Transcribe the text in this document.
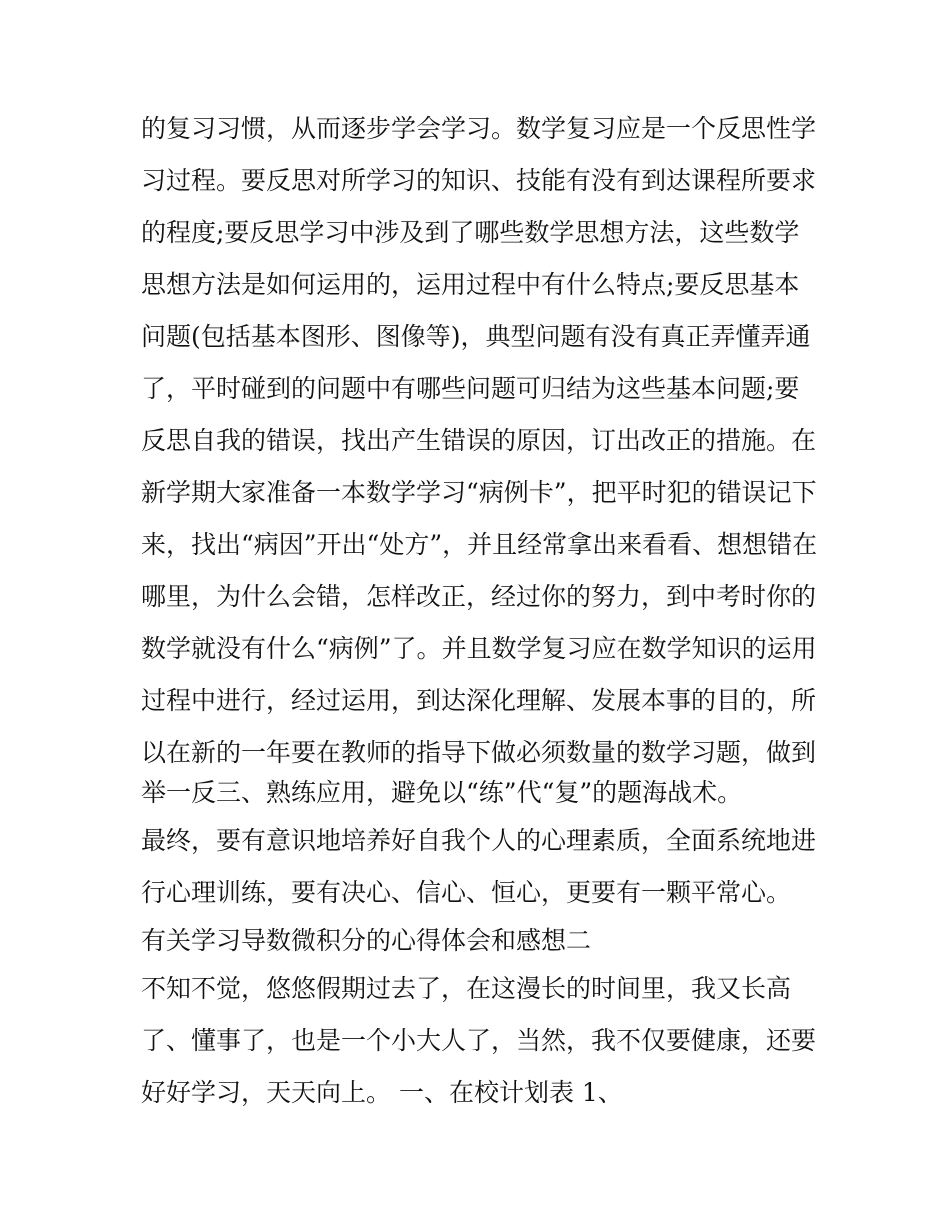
的复习习惯，从而逐步学会学习。数学复习应是一个反思性学
习过程。要反思对所学习的知识、技能有没有到达课程所要求
的程度;要反思学习中涉及到了哪些数学思想方法，这些数学
思想方法是如何运用的，运用过程中有什么特点;要反思基本
问题(包括基本图形、图像等)，典型问题有没有真正弄懂弄通
了，平时碰到的问题中有哪些问题可归结为这些基本问题;要
反思自我的错误，找出产生错误的原因，订出改正的措施。在
新学期大家准备一本数学学习“病例卡”，把平时犯的错误记下
来，找出“病因”开出“处方”，并且经常拿出来看看、想想错在
哪里，为什么会错，怎样改正，经过你的努力，到中考时你的
数学就没有什么“病例”了。并且数学复习应在数学知识的运用
过程中进行，经过运用，到达深化理解、发展本事的目的，所
以在新的一年要在教师的指导下做必须数量的数学习题，做到
举一反三、熟练应用，避免以“练”代“复”的题海战术。
最终，要有意识地培养好自我个人的心理素质，全面系统地进
行心理训练，要有决心、信心、恒心，更要有一颗平常心。
有关学习导数微积分的心得体会和感想二
不知不觉，悠悠假期过去了，在这漫长的时间里，我又长高
了、懂事了，也是一个小大人了，当然，我不仅要健康，还要
好好学习，天天向上。 一、在校计划表 1、
